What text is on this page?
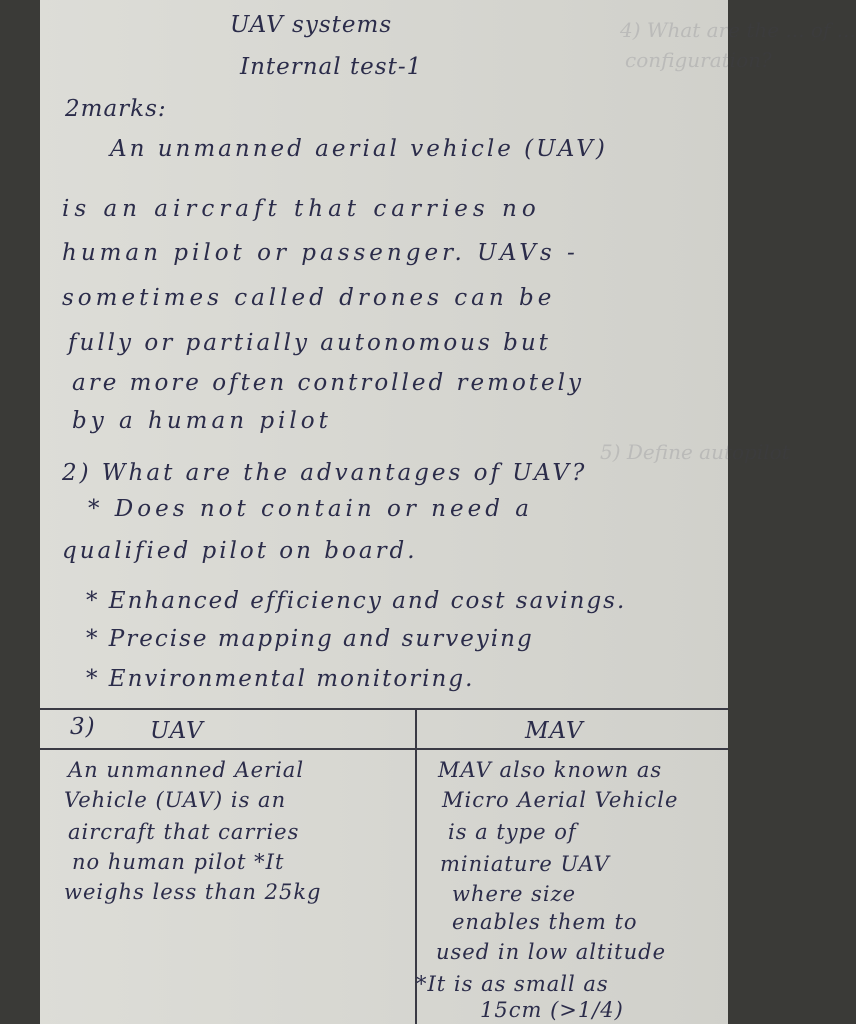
4) What are the ... of ...
configuration?
5) Define autopilot

UAV systems

Internal test-1

2marks:

An unmanned aerial vehicle (UAV)

is an aircraft that carries no

human pilot or passenger. UAVs -

sometimes called drones can be

fully or partially autonomous but

are more often controlled remotely

by a human pilot

2) What are the advantages of UAV?

* Does not contain or need a

qualified pilot on board.

* Enhanced efficiency and cost savings.

* Precise mapping and surveying

* Environmental monitoring.

3) UAV	MAV

An unmanned Aerial

Vehicle (UAV) is an

aircraft that carries

no human pilot *It

weighs less than 25kg

MAV also known as

Micro Aerial Vehicle

is a type of

miniature UAV

where size

enables them to

used in low altitude

*It is as small as

15cm (>1/4)
